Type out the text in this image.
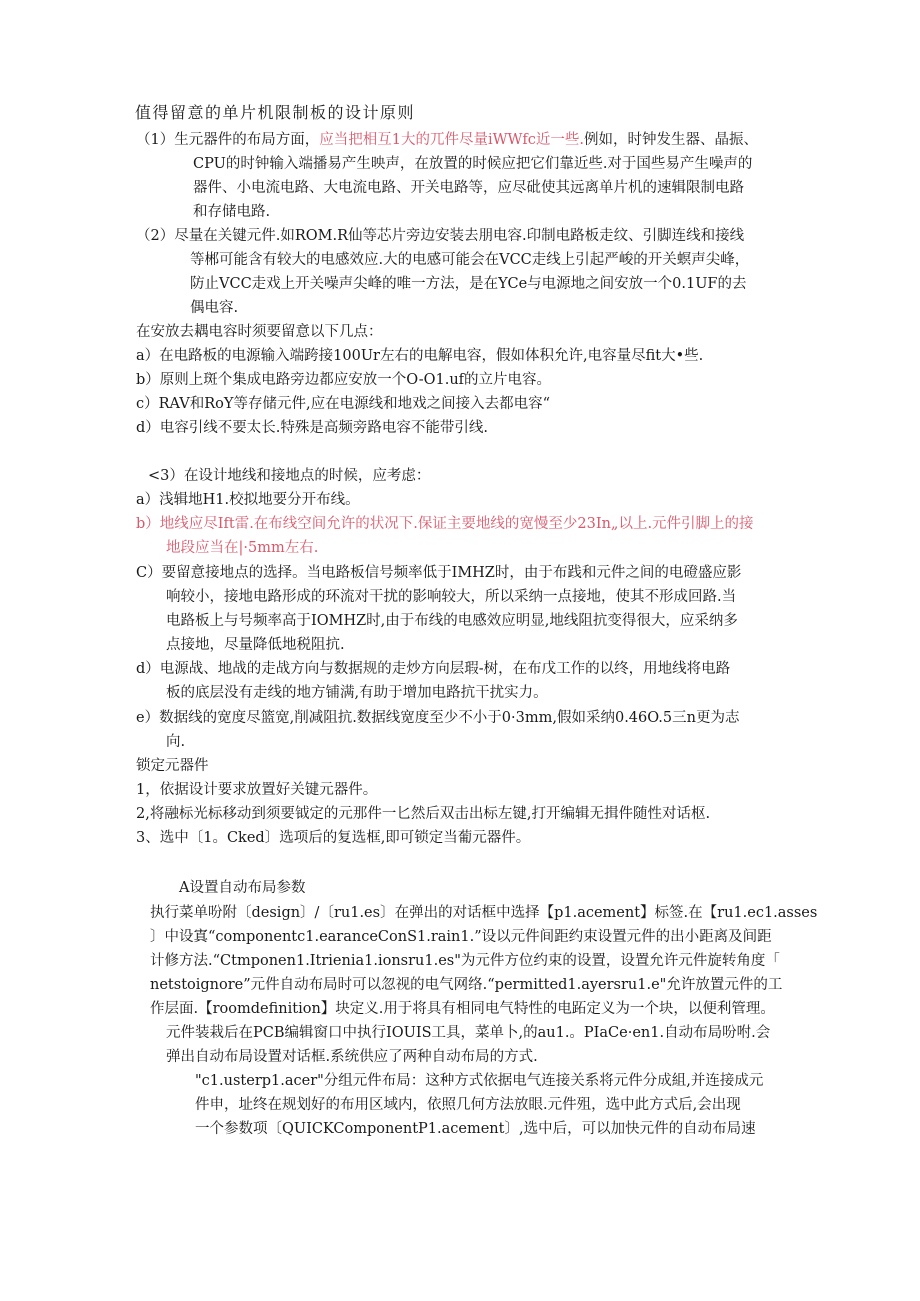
值得留意的单片机限制板的设计原则
（1）生元器件的布局方面，应当把相互1大的兀件尽量iWWfc近一些.例如，时钟发生器、晶振、
CPU的时钟输入端播易产生映声，在放置的时候应把它们靠近些.对于国些易产生噪声的
器件、小电流电路、大电流电路、开关电路等，应尽砒使其远离单片机的速辑限制电路
和存储电路.
（2）尽量在关键元件.如ROM.R仙等芯片旁边安装去朋电容.印制电路板走纹、引脚连线和接线
等郴可能含有较大的电感效应.大的电感可能会在VCC走线上引起严峻的开关螟声尖峰，
防止VCC走戏上开关噪声尖峰的唯一方法，是在YCe与电源地之间安放一个0.1UF的去
偶电容.
在安放去耦电容时须要留意以下几点：
a）在电路板的电源输入端跨接100Ur左右的电解电容，假如体积允许,电容量尽fit大•些.
b）原则上斑个集成电路旁边都应安放一个O-O1.uf的立片电容。
c）RAV和RoY等存储元件,应在电源线和地戏之间接入去都电容“
d）电容引线不要太长.特殊是高频旁路电容不能带引线.
<3）在设计地线和接地点的时候，应考虑：
a）浅辑地H1.校拟地要分开布线。
b）地线应尽Ift雷.在布线空间允许的状况下.保证主要地线的宽慢至少23In„以上.元件引脚上的接
地段应当在|·5mm左右.
C）要留意接地点的选择。当电路板信号频率低于IMHZ时，由于布践和元件之间的电磴盛应影
响较小，接地电路形成的环流对干扰的影响较大，所以采纳一点接地，使其不形成回路.当
电路板上与号频率高于IOMHZ时,由于布线的电感效应明显,地线阻抗变得很大，应采纳多
点接地，尽量降低地税阻抗.
d）电源战、地战的走战方向与数据规的走炒方向层瑕-树，在布戊工作的以终，用地线将电路
板的底层没有走线的地方铺满,有助于增加电路抗干扰实力。
e）数据线的宽度尽篮宽,削减阻抗.数据线宽度至少不小于0·3mm,假如采纳0.46O.5三n更为志
向.
锁定元器件
1，依据设计要求放置好关键元器件。
2,将融标光标移动到须要钺定的元那件一匕然后双击出标左键,打开编辑无揖件随性对话枢.
3、选中〔1。Cked〕选项后的复选框,即可锁定当葡元器件。
A设置自动布局参数
执行菜单吩附〔design〕/〔ru1.es〕在弹出的对话框中选择【p1.acement】标签.在【ru1.ec1.asses
〕中设寘“componentc1.earanceConS1.rain1.”设以元件间距约束设置元件的出小距离及间距
计修方法.“Ctmponen1.Itrienia1.ionsru1.es"为元件方位约束的设置，设置允许元件旋转角度「
netstoignore”元件自动布局时可以忽视的电气网络.“permitted1.ayersru1.e"允许放置元件的工
作层面.【roomdefinition】块定义.用于将具有相同电气特性的电跖定义为一个块，以便利管理。
元件装栽后在PCB编辑窗口中执行IOUIS工具，菜单卜,的au1.。PIaCe·en1.自动布局吩咐.会
弹出自动布局设置对话框.系统供应了两种自动布局的方式.
"c1.usterp1.acer"分组元件布局：这种方式依据电气连接关系将元件分成組,并连接成元
件申，址终在规划好的布用区域内，依照几何方法放眼.元件殂，选中此方式后,会出现
一个参数项〔QUICKComponentP1.acement〕,选中后，可以加快元件的自动布局速
